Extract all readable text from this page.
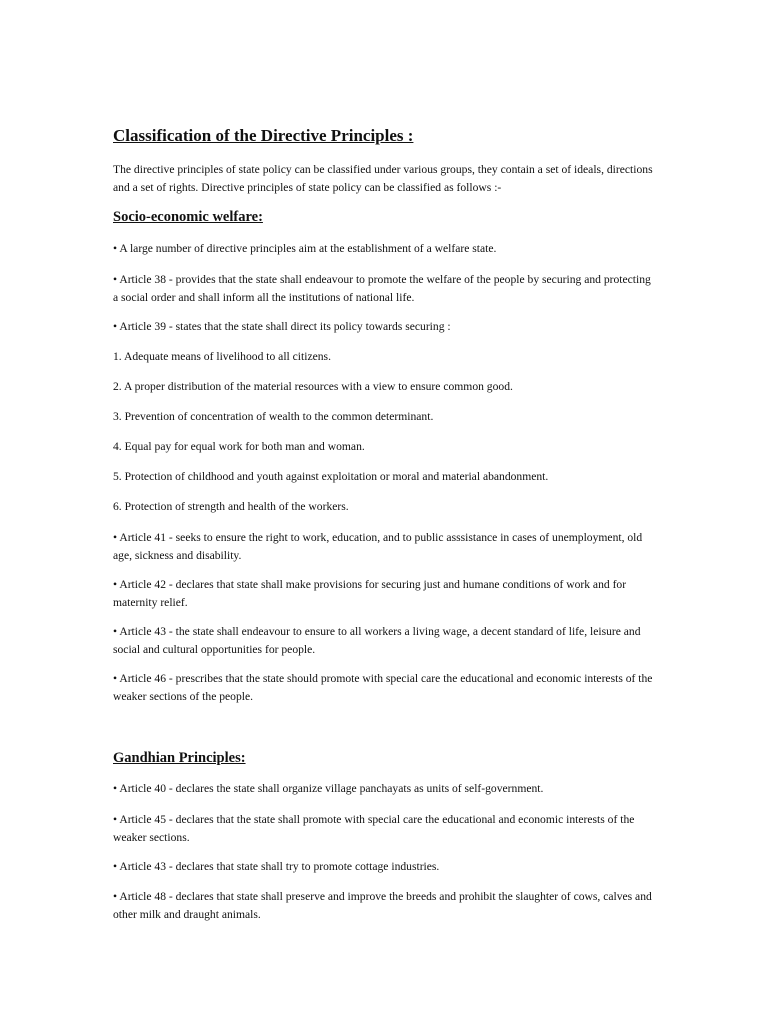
Classification of the Directive Principles :

The directive principles of state policy can be classified under various groups, they contain a set of ideals, directions and a set of rights. Directive principles of state policy can be classified as follows :-

Socio-economic welfare:

• A large number of directive principles aim at the establishment of a welfare state.

• Article 38 - provides that the state shall endeavour to promote the welfare of the people by securing and protecting a social order and shall inform all the institutions of national life.

• Article 39 - states that the state shall direct its policy towards securing :

1. Adequate means of livelihood to all citizens.

2. A proper distribution of the material resources with a view to ensure common good.

3. Prevention of concentration of wealth to the common determinant.

4. Equal pay for equal work for both man and woman.

5. Protection of childhood and youth against exploitation or moral and material abandonment.

6. Protection of strength and health of the workers.

• Article 41 - seeks to ensure the right to work, education, and to public asssistance in cases of unemployment, old age, sickness and disability.

• Article 42 - declares that state shall make provisions for securing just and humane conditions of work and for maternity relief.

• Article 43 - the state shall endeavour to ensure to all workers a living wage, a decent standard of life, leisure and social and cultural opportunities for people.

• Article 46 - prescribes that the state should promote with special care the educational and economic interests of the weaker sections of the people.

Gandhian Principles:

• Article 40 - declares the state shall organize village panchayats as units of self-government.

• Article 45 - declares that the state shall promote with special care the educational and economic interests of the weaker sections.

• Article 43 - declares that state shall try to promote cottage industries.

• Article 48 - declares that state shall preserve and improve the breeds and prohibit the slaughter of cows, calves and other milk and draught animals.
